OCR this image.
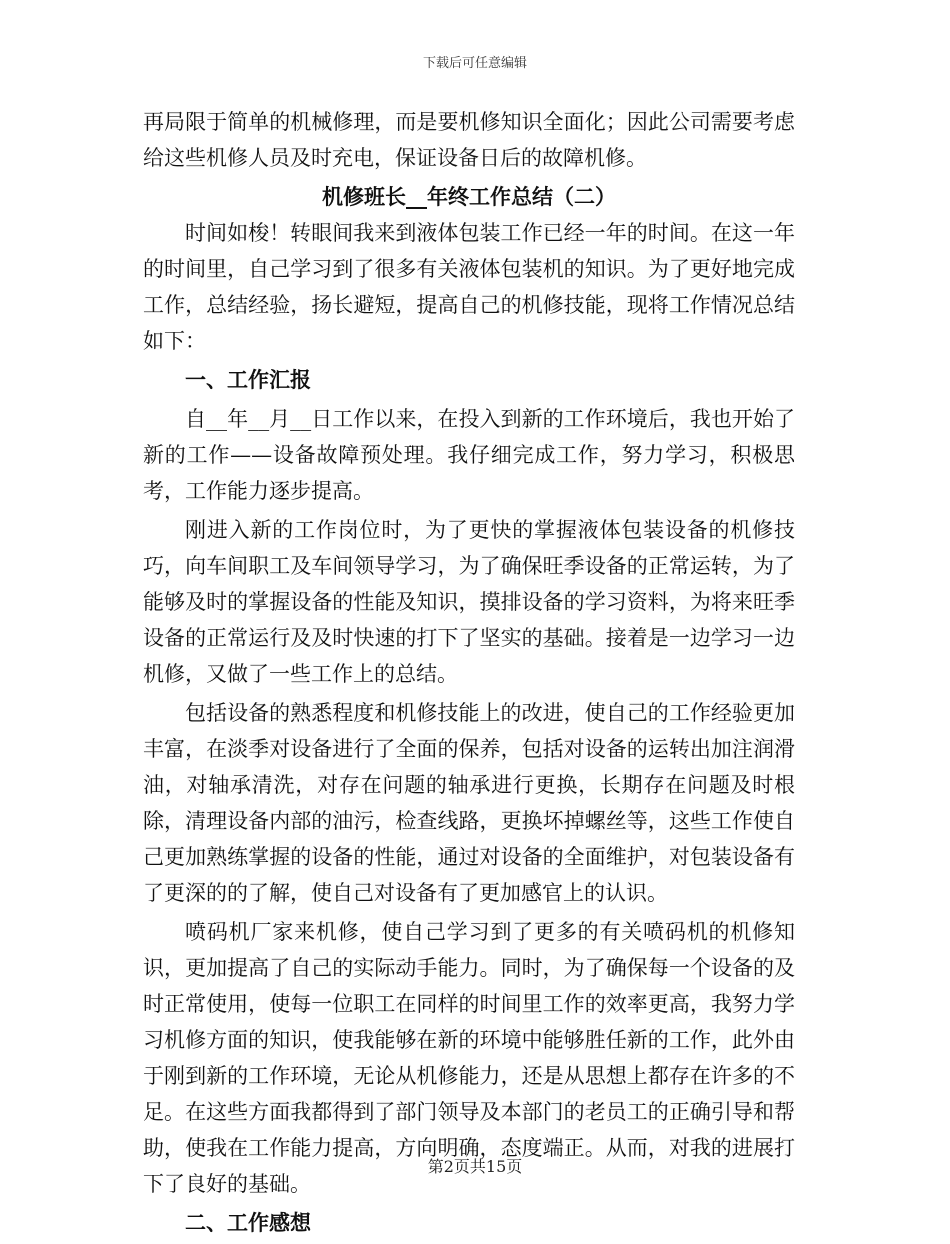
下载后可任意编辑

再局限于简单的机械修理，而是要机修知识全面化；因此公司需要考虑给这些机修人员及时充电，保证设备日后的故障机修。

机修班长__年终工作总结（二）

时间如梭！转眼间我来到液体包装工作已经一年的时间。在这一年的时间里，自己学习到了很多有关液体包装机的知识。为了更好地完成工作，总结经验，扬长避短，提高自己的机修技能，现将工作情况总结如下：

一、工作汇报

自__年__月__日工作以来，在投入到新的工作环境后，我也开始了新的工作——设备故障预处理。我仔细完成工作，努力学习，积极思考，工作能力逐步提高。

刚进入新的工作岗位时，为了更快的掌握液体包装设备的机修技巧，向车间职工及车间领导学习，为了确保旺季设备的正常运转，为了能够及时的掌握设备的性能及知识，摸排设备的学习资料，为将来旺季设备的正常运行及及时快速的打下了坚实的基础。接着是一边学习一边机修，又做了一些工作上的总结。

包括设备的熟悉程度和机修技能上的改进，使自己的工作经验更加丰富，在淡季对设备进行了全面的保养，包括对设备的运转出加注润滑油，对轴承清洗，对存在问题的轴承进行更换，长期存在问题及时根除，清理设备内部的油污，检查线路，更换坏掉螺丝等，这些工作使自己更加熟练掌握的设备的性能，通过对设备的全面维护，对包装设备有了更深的的了解，使自己对设备有了更加感官上的认识。

喷码机厂家来机修，使自己学习到了更多的有关喷码机的机修知识，更加提高了自己的实际动手能力。同时，为了确保每一个设备的及时正常使用，使每一位职工在同样的时间里工作的效率更高，我努力学习机修方面的知识，使我能够在新的环境中能够胜任新的工作，此外由于刚到新的工作环境，无论从机修能力，还是从思想上都存在许多的不足。在这些方面我都得到了部门领导及本部门的老员工的正确引导和帮助，使我在工作能力提高，方向明确，态度端正。从而，对我的进展打下了良好的基础。

二、工作感想

第2页共15页
